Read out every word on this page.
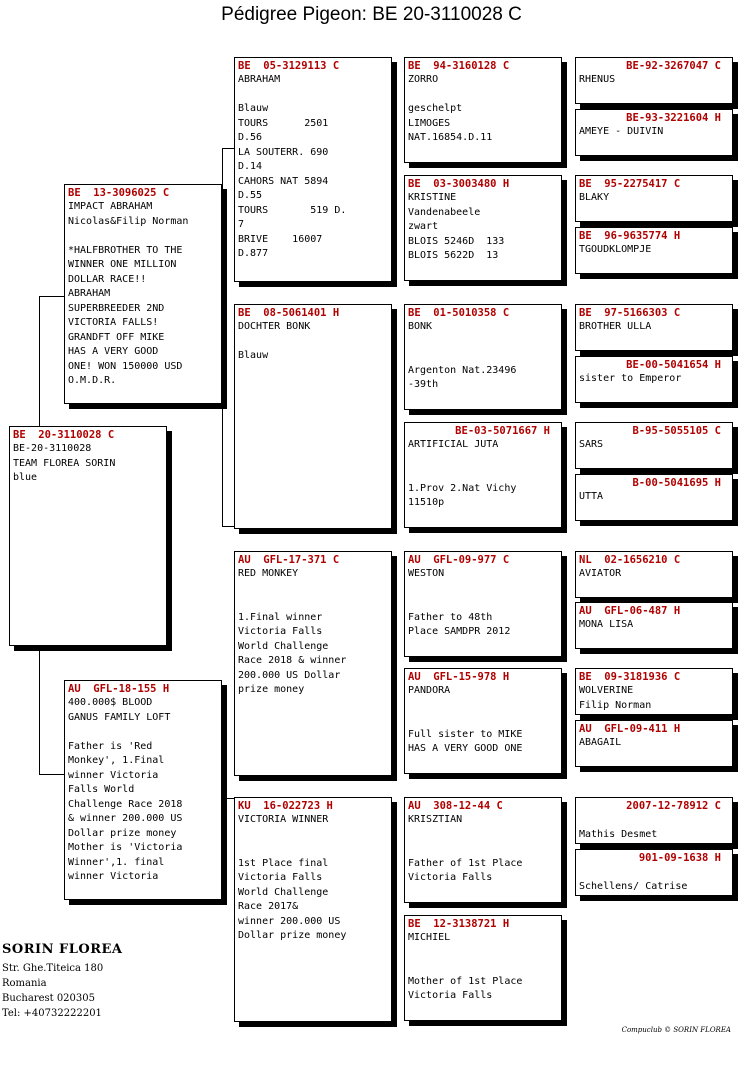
Pédigree Pigeon: BE 20-3110028 C
BE  20-3110028 C
BE-20-3110028
TEAM FLOREA SORIN
blue
BE  13-3096025 C
IMPACT ABRAHAM
Nicolas&Filip Norman

*HALFBROTHER TO THE
WINNER ONE MILLION
DOLLAR RACE!!
ABRAHAM
SUPERBREEDER 2ND
VICTORIA FALLS!
GRANDFT OFF MIKE
HAS A VERY GOOD
ONE! WON 150000 USD
O.M.D.R.
AU  GFL-18-155 H
400.000$ BLOOD
GANUS FAMILY LOFT

Father is 'Red
Monkey', 1.Final
winner Victoria
Falls World
Challenge Race 2018
& winner 200.000 US
Dollar prize money
Mother is 'Victoria
Winner',1. final
winner Victoria
BE  05-3129113 C
ABRAHAM

Blauw
TOURS      2501
D.56
LA SOUTERR. 690
D.14
CAHORS NAT 5894
D.55
TOURS       519 D.
7
BRIVE    16007
D.877
BE  08-5061401 H
DOCHTER BONK

Blauw
AU  GFL-17-371 C
RED MONKEY

1.Final winner
Victoria Falls
World Challenge
Race 2018 & winner
200.000 US Dollar
prize money
KU  16-022723 H
VICTORIA WINNER

1st Place final
Victoria Falls
World Challenge
Race 2017&
winner 200.000 US
Dollar prize money
BE  94-3160128 C
ZORRO

geschelpt
LIMOGES
NAT.16854.D.11
BE  03-3003480 H
KRISTINE
Vandenabeele
zwart
BLOIS 5246D  133
BLOIS 5622D  13
BE  01-5010358 C
BONK

Argenton Nat.23496
-39th
BE-03-5071667 H
ARTIFICIAL JUTA

1.Prov 2.Nat Vichy
11510p
AU  GFL-09-977 C
WESTON

Father to 48th
Place SAMDPR 2012
AU  GFL-15-978 H
PANDORA

Full sister to MIKE
HAS A VERY GOOD ONE
AU  308-12-44 C
KRISZTIAN

Father of 1st Place
Victoria Falls
BE  12-3138721 H
MICHIEL

Mother of 1st Place
Victoria Falls
BE-92-3267047 C
RHENUS
BE-93-3221604 H
AMEYE - DUIVIN
BE  95-2275417 C
BLAKY
BE  96-9635774 H
TGOUDKLOMPJE
BE  97-5166303 C
BROTHER ULLA
BE-00-5041654 H
sister to Emperor
B-95-5055105 C
SARS
B-00-5041695 H
UTTA
NL  02-1656210 C
AVIATOR
AU  GFL-06-487 H
MONA LISA
BE  09-3181936 C
WOLVERINE
Filip Norman
AU  GFL-09-411 H
ABAGAIL
2007-12-78912 C

Mathis Desmet
901-09-1638 H

Schellens/ Catrise
SORIN FLOREA
Str. Ghe.Titeica 180
Romania
Bucharest 020305
Tel: +40732222201
Compuclub © SORIN FLOREA
